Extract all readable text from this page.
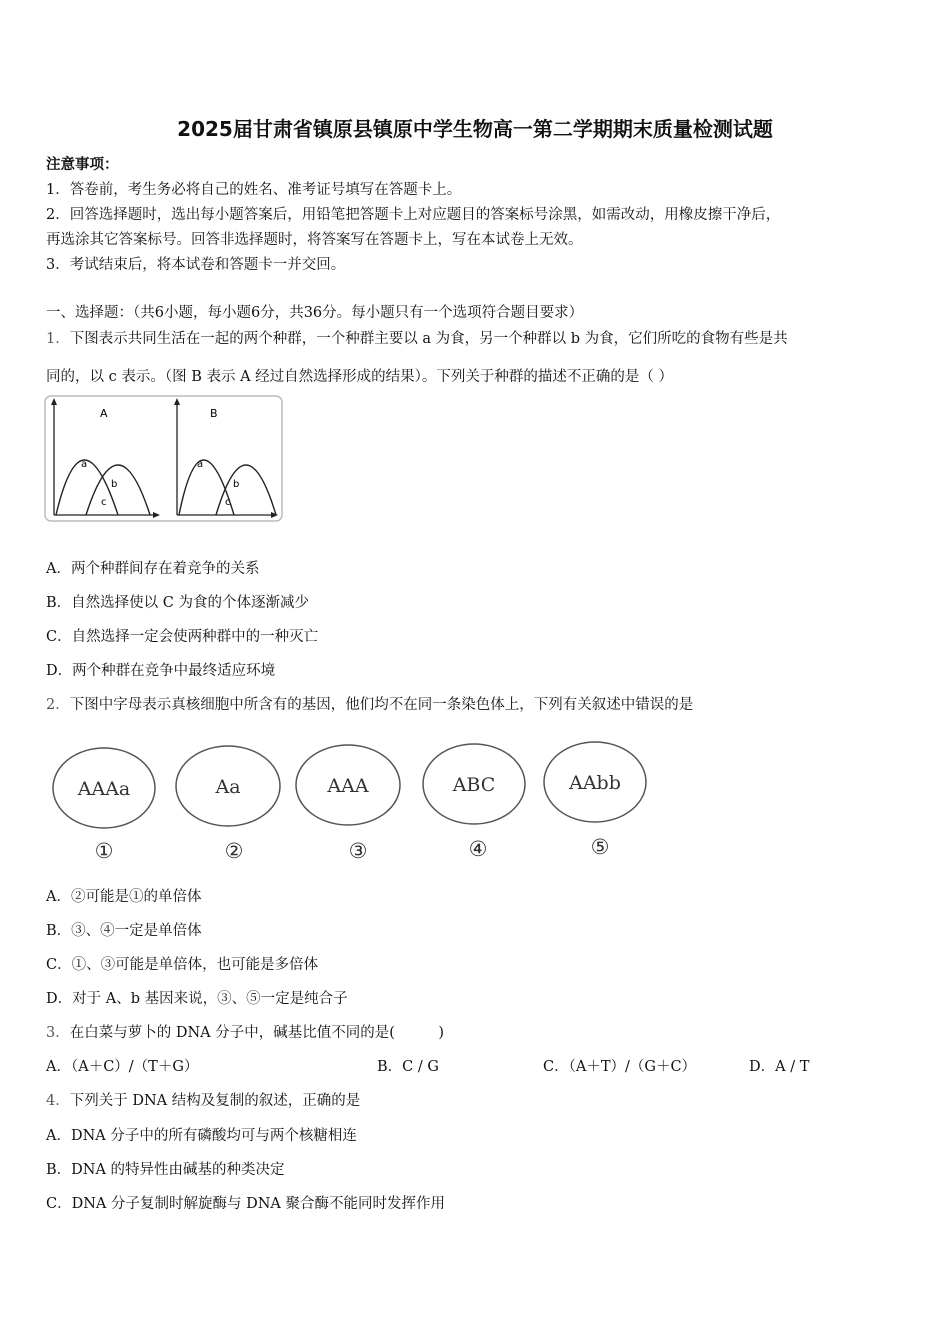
2025届甘肃省镇原县镇原中学生物高一第二学期期末质量检测试题
注意事项：
1．答卷前，考生务必将自己的姓名、准考证号填写在答题卡上。
2．回答选择题时，选出每小题答案后，用铅笔把答题卡上对应题目的答案标号涂黑，如需改动，用橡皮擦干净后，
再选涂其它答案标号。回答非选择题时，将答案写在答题卡上，写在本试卷上无效。
3．考试结束后，将本试卷和答题卡一并交回。
一、选择题：（共6小题，每小题6分，共36分。每小题只有一个选项符合题目要求）
1．下图表示共同生活在一起的两个种群，一个种群主要以 a 为食，另一个种群以 b 为食，它们所吃的食物有些是共
同的，以 c 表示。（图 B 表示 A 经过自然选择形成的结果）。下列关于种群的描述不正确的是（ ）
A
a
b
c
B
a
b
c
A．两个种群间存在着竞争的关系
B．自然选择使以 C 为食的个体逐渐减少
C．自然选择一定会使两种群中的一种灭亡
D．两个种群在竞争中最终适应环境
2．下图中字母表示真核细胞中所含有的基因，他们均不在同一条染色体上，下列有关叙述中错误的是
AAAa
①
Aa
②
AAA
③
ABC
④
AAbb
⑤
A．②可能是①的单倍体
B．③、④一定是单倍体
C．①、③可能是单倍体，也可能是多倍体
D．对于 A、b 基因来说，③、⑤一定是纯合子
3．在白菜与萝卜的 DNA 分子中，碱基比值不同的是(　　　)
A．（A＋C）/（T＋G）	B．C / G	C．（A＋T）/（G＋C）	D．A / T
4．下列关于 DNA 结构及复制的叙述，正确的是
A．DNA 分子中的所有磷酸均可与两个核糖相连
B．DNA 的特异性由碱基的种类决定
C．DNA 分子复制时解旋酶与 DNA 聚合酶不能同时发挥作用
